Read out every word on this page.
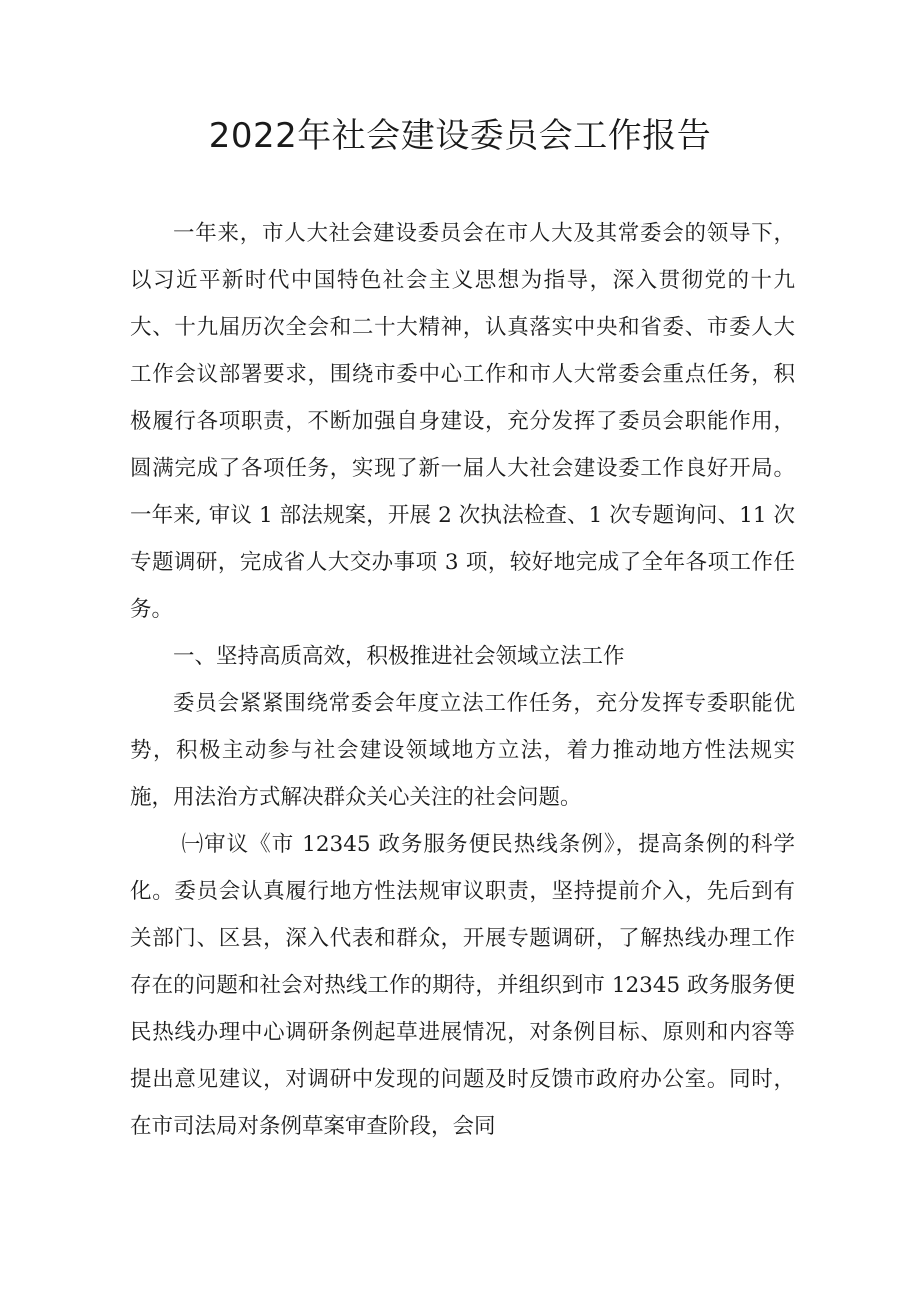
2022年社会建设委员会工作报告

一年来，市人大社会建设委员会在市人大及其常委会的领导下，以习近平新时代中国特色社会主义思想为指导，深入贯彻党的十九大、十九届历次全会和二十大精神，认真落实中央和省委、市委人大工作会议部署要求，围绕市委中心工作和市人大常委会重点任务，积极履行各项职责，不断加强自身建设，充分发挥了委员会职能作用，圆满完成了各项任务，实现了新一届人大社会建设委工作良好开局。一年来, 审议 1 部法规案，开展 2 次执法检查、1 次专题询问、11 次专题调研，完成省人大交办事项 3 项，较好地完成了全年各项工作任务。

一、坚持高质高效，积极推进社会领域立法工作

委员会紧紧围绕常委会年度立法工作任务，充分发挥专委职能优势，积极主动参与社会建设领域地方立法，着力推动地方性法规实施，用法治方式解决群众关心关注的社会问题。

㈠审议《市 12345 政务服务便民热线条例》，提高条例的科学化。委员会认真履行地方性法规审议职责，坚持提前介入，先后到有关部门、区县，深入代表和群众，开展专题调研，了解热线办理工作存在的问题和社会对热线工作的期待，并组织到市 12345 政务服务便民热线办理中心调研条例起草进展情况，对条例目标、原则和内容等提出意见建议，对调研中发现的问题及时反馈市政府办公室。同时，在市司法局对条例草案审查阶段，会同
